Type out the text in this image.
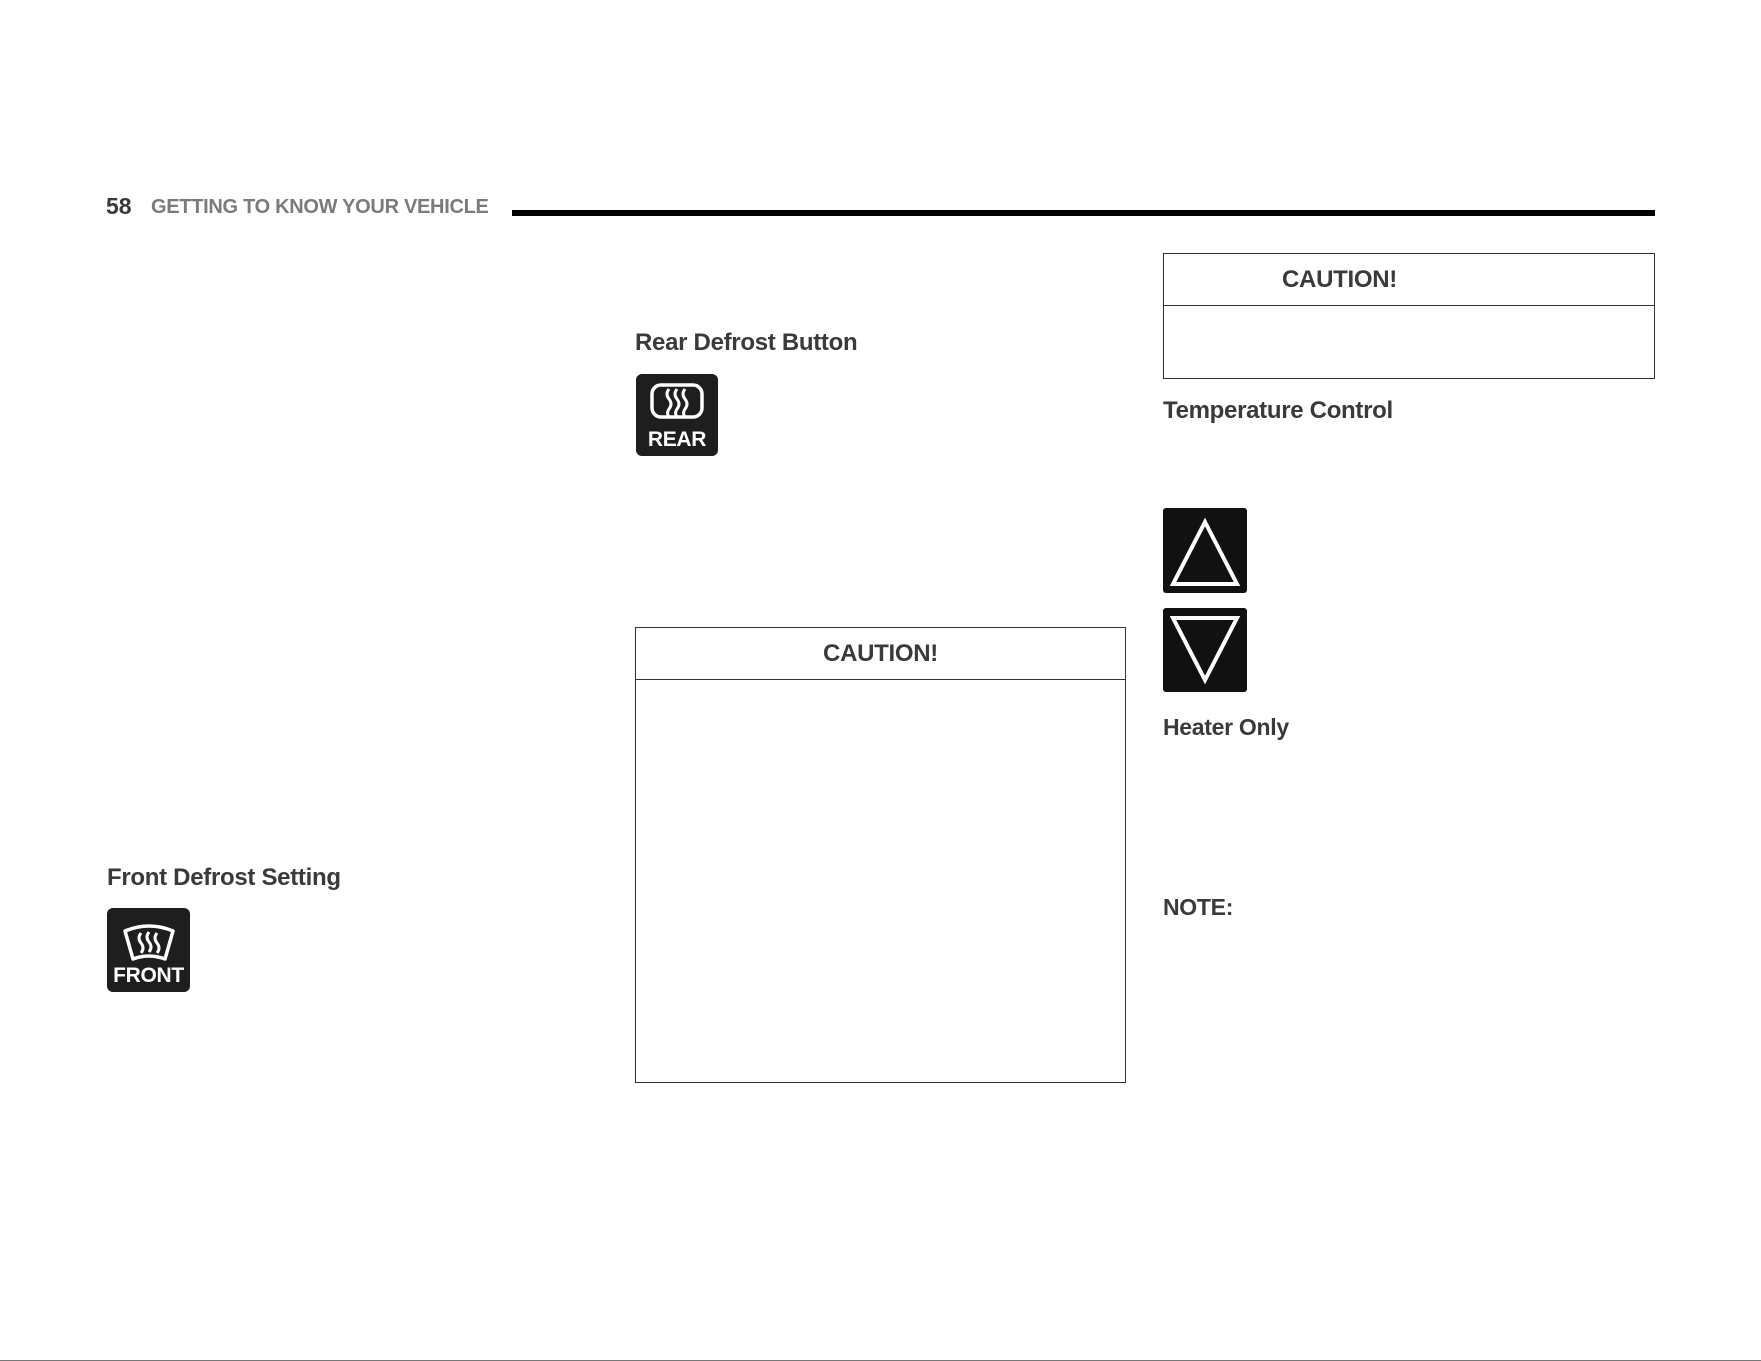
58 GETTING TO KNOW YOUR VEHICLE
Front Defrost Setting
FRONT
Rear Defrost Button
REAR
CAUTION!
CAUTION!
Temperature Control
Heater Only
NOTE:
